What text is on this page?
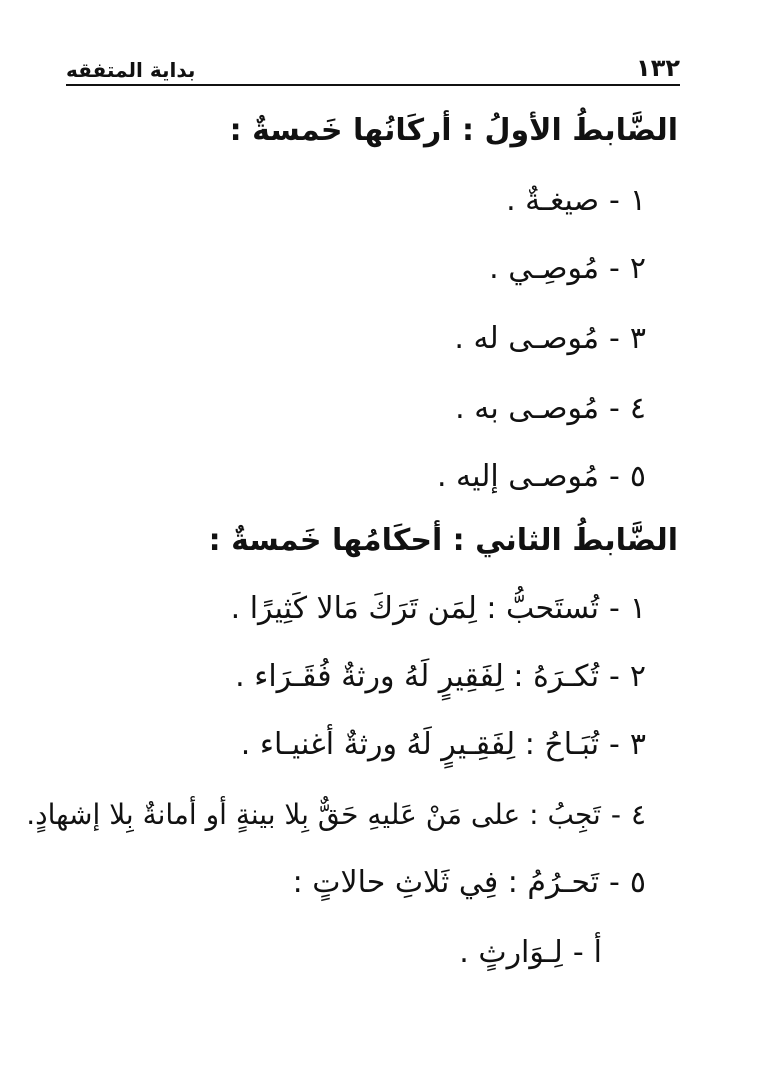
١٣٢
بداية المتفقه
الضَّابطُ الأولُ : أركَانُها خَمسةٌ :
١-صيغـةٌ .
٢-مُوصِـي .
٣-مُوصـى له .
٤-مُوصـى به .
٥-مُوصـى إليه .
الضَّابطُ الثاني : أحكَامُها خَمسةٌ :
١-تُستَحبُّ : لِمَن تَرَكَ مَالا كَثِيرًا .
٢-تُكـرَهُ : لِفَقِيرٍ لَهُ ورثةٌ فُقَـرَاء .
٣-تُبَـاحُ : لِفَقِـيرٍ لَهُ ورثةٌ أغنيـاء .
٤-تَجِبُ : على مَنْ عَليهِ حَقٌّ بِلا بينةٍ أو أمانةٌ بِلا إشهادٍ.
٥-تَحـرُمُ : فِي ثَلاثِ حالاتٍ :
أ-لِـوَارثٍ .
